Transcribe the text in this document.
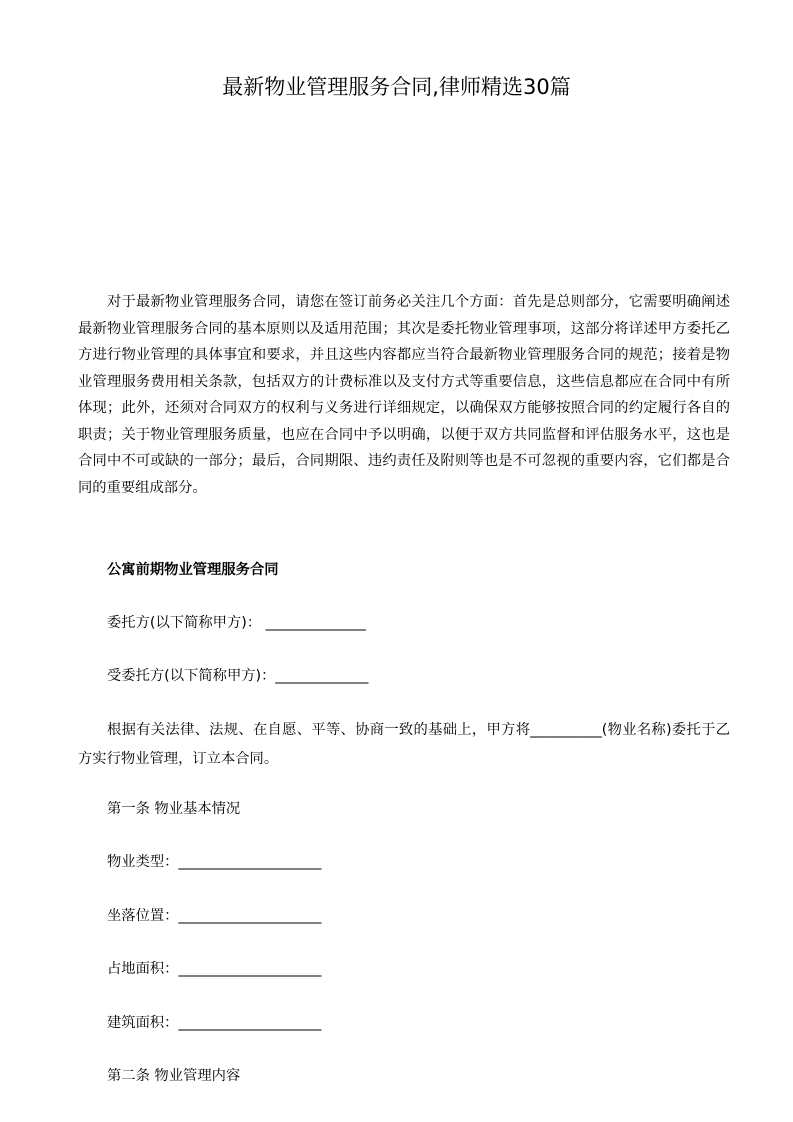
最新物业管理服务合同,律师精选30篇

对于最新物业管理服务合同，请您在签订前务必关注几个方面：首先是总则部分，它需要明确阐述最新物业管理服务合同的基本原则以及适用范围；其次是委托物业管理事项，这部分将详述甲方委托乙方进行物业管理的具体事宜和要求，并且这些内容都应当符合最新物业管理服务合同的规范；接着是物业管理服务费用相关条款，包括双方的计费标准以及支付方式等重要信息，这些信息都应在合同中有所体现；此外，还须对合同双方的权利与义务进行详细规定，以确保双方能够按照合同的约定履行各自的职责；关于物业管理服务质量，也应在合同中予以明确，以便于双方共同监督和评估服务水平，这也是合同中不可或缺的一部分；最后，合同期限、违约责任及附则等也是不可忽视的重要内容，它们都是合同的重要组成部分。

公寓前期物业管理服务合同

委托方(以下简称甲方)： ______________

受委托方(以下简称甲方)：_____________

根据有关法律、法规、在自愿、平等、协商一致的基础上，甲方将__________(物业名称)委托于乙方实行物业管理，订立本合同。

第一条 物业基本情况

物业类型：____________________

坐落位置：____________________

占地面积：____________________

建筑面积：____________________

第二条 物业管理内容
